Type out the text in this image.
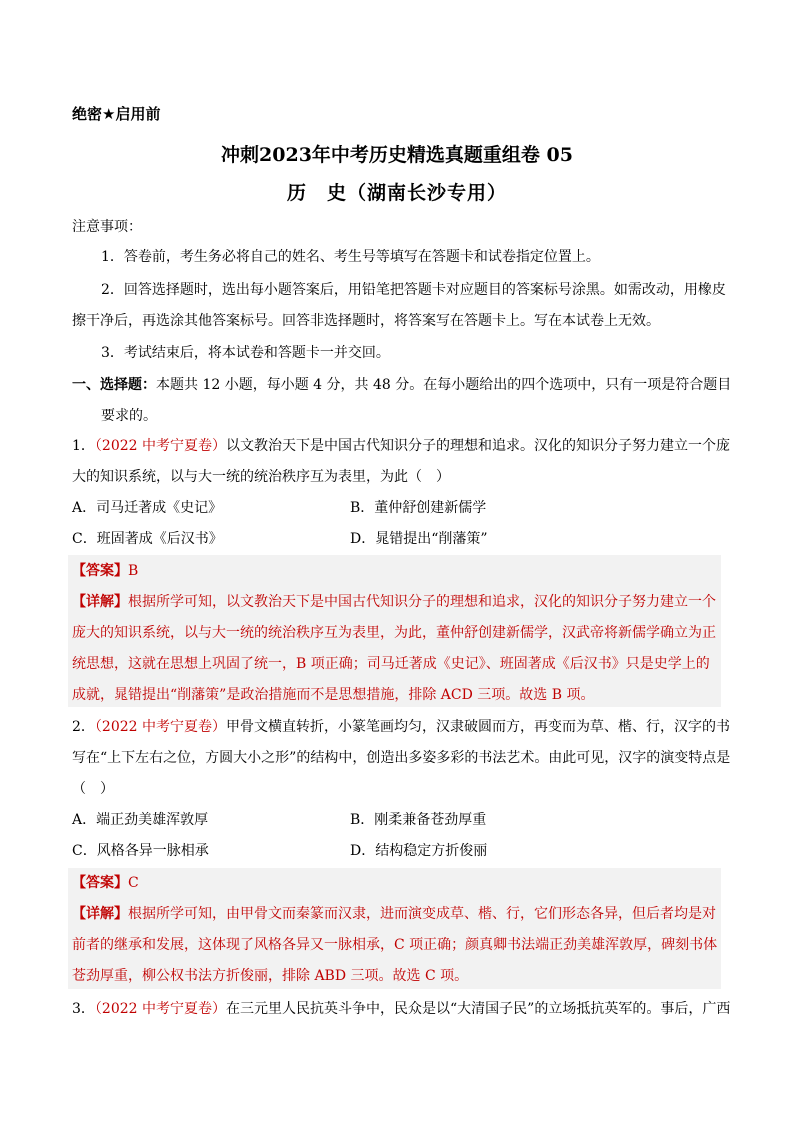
绝密★启用前
冲刺2023年中考历史精选真题重组卷 05
历　史（湖南长沙专用）
注意事项：
1．答卷前，考生务必将自己的姓名、考生号等填写在答题卡和试卷指定位置上。
2．回答选择题时，选出每小题答案后，用铅笔把答题卡对应题目的答案标号涂黑。如需改动，用橡皮
擦干净后，再选涂其他答案标号。回答非选择题时，将答案写在答题卡上。写在本试卷上无效。
3．考试结束后，将本试卷和答题卡一并交回。
一、选择题：本题共 12 小题，每小题 4 分，共 48 分。在每小题给出的四个选项中，只有一项是符合题目
要求的。
1．（2022 中考宁夏卷）以文教治天下是中国古代知识分子的理想和追求。汉化的知识分子努力建立一个庞
大的知识系统，以与大一统的统治秩序互为表里，为此（　）
A．司马迁著成《史记》	B．董仲舒创建新儒学
C．班固著成《后汉书》	D．晁错提出“削藩策”
【答案】B
【详解】根据所学可知，以文教治天下是中国古代知识分子的理想和追求，汉化的知识分子努力建立一个
庞大的知识系统，以与大一统的统治秩序互为表里，为此，董仲舒创建新儒学，汉武帝将新儒学确立为正
统思想，这就在思想上巩固了统一，B 项正确；司马迁著成《史记》、班固著成《后汉书》只是史学上的
成就，晁错提出“削藩策”是政治措施而不是思想措施，排除 ACD 三项。故选 B 项。
2．（2022 中考宁夏卷）甲骨文横直转折，小篆笔画均匀，汉隶破圆而方，再变而为草、楷、行，汉字的书
写在“上下左右之位，方圆大小之形”的结构中，创造出多姿多彩的书法艺术。由此可见，汉字的演变特点是
（　）
A．端正劲美雄浑敦厚	B．刚柔兼备苍劲厚重
C．风格各异一脉相承	D．结构稳定方折俊丽
【答案】C
【详解】根据所学可知，由甲骨文而秦篆而汉隶，进而演变成草、楷、行，它们形态各异，但后者均是对
前者的继承和发展，这体现了风格各异又一脉相承，C 项正确；颜真卿书法端正劲美雄浑敦厚，碑刻书体
苍劲厚重，柳公权书法方折俊丽，排除 ABD 三项。故选 C 项。
3．（2022 中考宁夏卷）在三元里人民抗英斗争中，民众是以“大清国子民”的立场抵抗英军的。事后，广西
